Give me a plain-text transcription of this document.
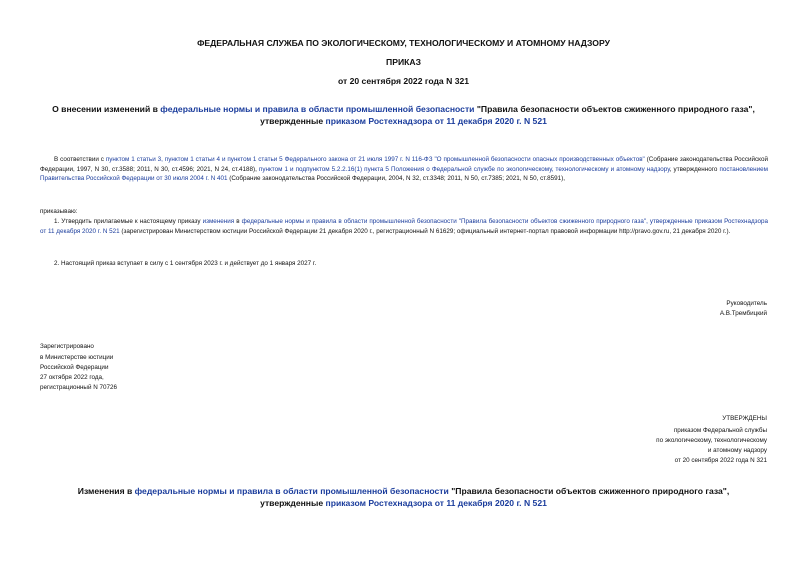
ФЕДЕРАЛЬНАЯ СЛУЖБА ПО ЭКОЛОГИЧЕСКОМУ, ТЕХНОЛОГИЧЕСКОМУ И АТОМНОМУ НАДЗОРУ
ПРИКАЗ
от 20 сентября 2022 года N 321
О внесении изменений в федеральные нормы и правила в области промышленной безопасности "Правила безопасности объектов сжиженного природного газа",
утвержденные приказом Ростехнадзора от 11 декабря 2020 г. N 521
В соответствии с пунктом 1 статьи 3, пунктом 1 статьи 4 и пунктом 1 статьи 5 Федерального закона от 21 июля 1997 г. N 116-ФЗ "О промышленной безопасности опасных производственных объектов" (Собрание законодательства Российской Федерации, 1997, N 30, ст.3588; 2011, N 30, ст.4596; 2021, N 24, ст.4188), пунктом 1 и подпунктом 5.2.2.16(1) пункта 5 Положения о Федеральной службе по экологическому, технологическому и атомному надзору, утвержденного постановлением Правительства Российской Федерации от 30 июля 2004 г. N 401 (Собрание законодательства Российской Федерации, 2004, N 32, ст.3348; 2011, N 50, ст.7385; 2021, N 50, ст.8591),
приказываю:
1. Утвердить прилагаемые к настоящему приказу изменения в федеральные нормы и правила в области промышленной безопасности "Правила безопасности объектов сжиженного природного газа", утвержденные приказом Ростехнадзора от 11 декабря 2020 г. N 521 (зарегистрирован Министерством юстиции Российской Федерации 21 декабря 2020 г., регистрационный N 61629; официальный интернет-портал правовой информации http://pravo.gov.ru, 21 декабря 2020 г.).
2. Настоящий приказ вступает в силу с 1 сентября 2023 г. и действует до 1 января 2027 г.
Руководитель
А.В.Трембицкий
Зарегистрировано
в Министерстве юстиции
Российской Федерации
27 октября 2022 года,
регистрационный N 70726
УТВЕРЖДЕНЫ
приказом Федеральной службы
по экологическому, технологическому
и атомному надзору
от 20 сентября 2022 года N 321
Изменения в федеральные нормы и правила в области промышленной безопасности "Правила безопасности объектов сжиженного природного газа",
утвержденные приказом Ростехнадзора от 11 декабря 2020 г. N 521
